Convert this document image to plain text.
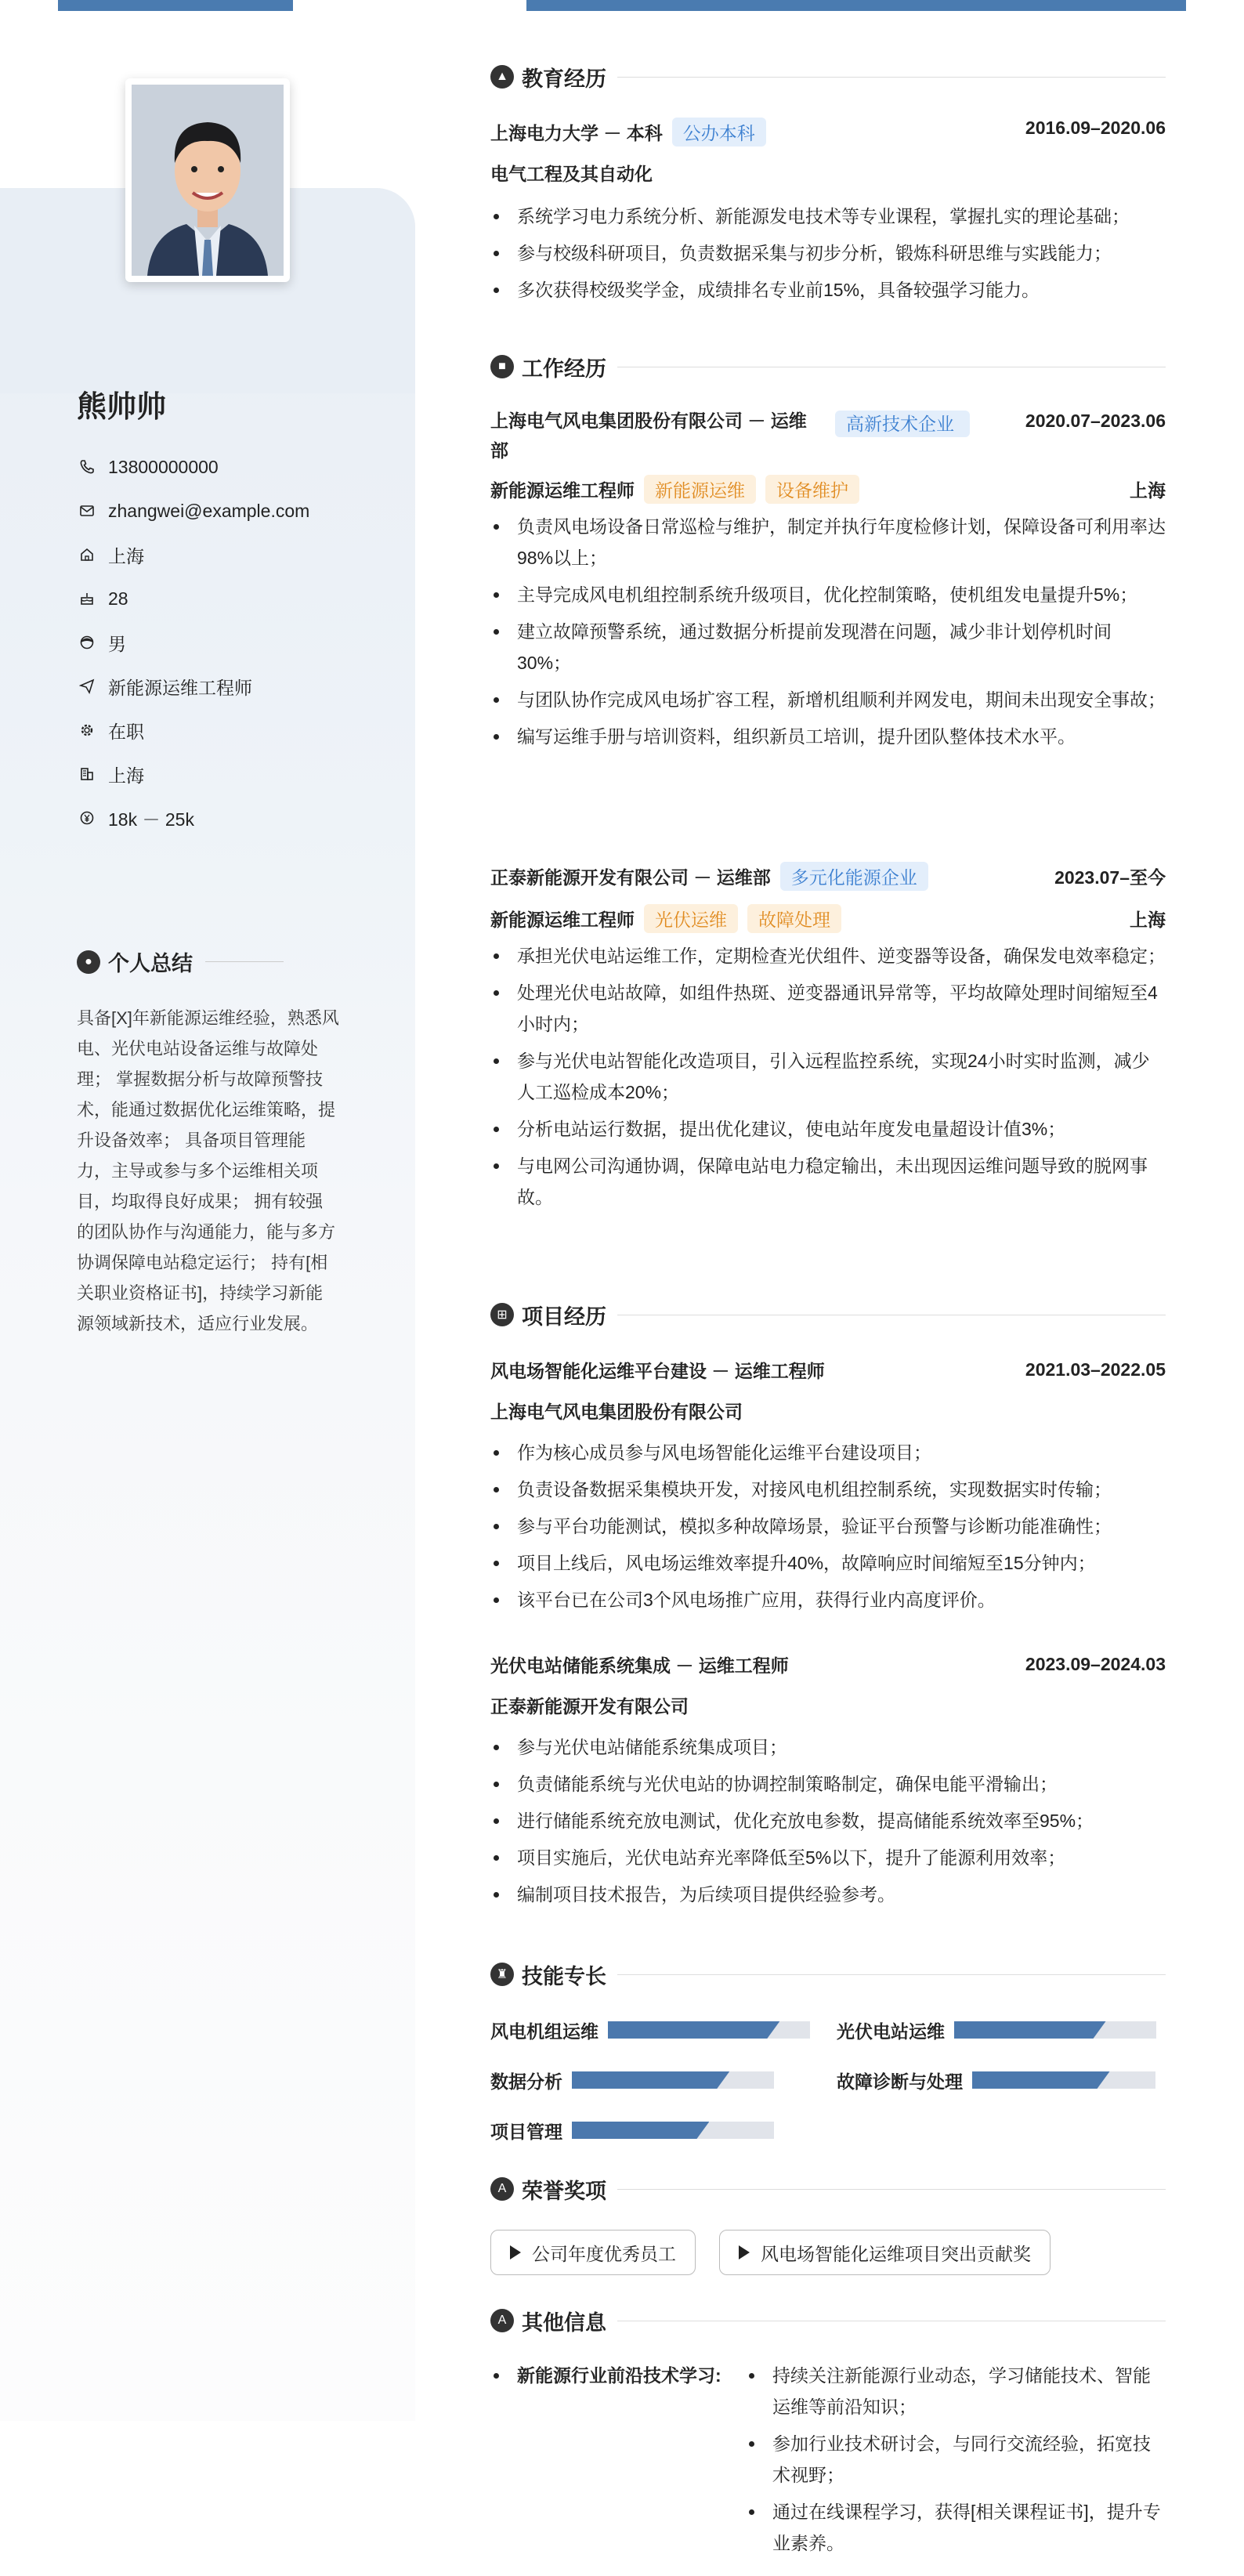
熊帅帅
13800000000
zhangwei@example.com
上海
28
男
新能源运维工程师
在职
上海
18k － 25k
● 个人总结
具备[X]年新能源运维经验，熟悉风电、光伏电站设备运维与故障处理； 掌握数据分析与故障预警技术，能通过数据优化运维策略，提升设备效率； 具备项目管理能力，主导或参与多个运维相关项目，均取得良好成果； 拥有较强的团队协作与沟通能力，能与多方协调保障电站稳定运行； 持有[相关职业资格证书]，持续学习新能源领域新技术，适应行业发展。
▲ 教育经历
上海电力大学 － 本科 公办本科	2016.09–2020.06
电气工程及其自动化
系统学习电力系统分析、新能源发电技术等专业课程，掌握扎实的理论基础；
参与校级科研项目，负责数据采集与初步分析，锻炼科研思维与实践能力；
多次获得校级奖学金，成绩排名专业前15%，具备较强学习能力。
■ 工作经历
上海电气风电集团股份有限公司 － 运维部
高新技术企业	2020.07–2023.06
新能源运维工程师 新能源运维 设备维护	上海
负责风电场设备日常巡检与维护，制定并执行年度检修计划，保障设备可利用率达98%以上；
主导完成风电机组控制系统升级项目，优化控制策略，使机组发电量提升5%；
建立故障预警系统，通过数据分析提前发现潜在问题，减少非计划停机时间30%；
与团队协作完成风电场扩容工程，新增机组顺利并网发电，期间未出现安全事故；
编写运维手册与培训资料，组织新员工培训，提升团队整体技术水平。
正泰新能源开发有限公司 － 运维部 多元化能源企业	2023.07–至今
新能源运维工程师 光伏运维 故障处理	上海
承担光伏电站运维工作，定期检查光伏组件、逆变器等设备，确保发电效率稳定；
处理光伏电站故障，如组件热斑、逆变器通讯异常等，平均故障处理时间缩短至4小时内；
参与光伏电站智能化改造项目，引入远程监控系统，实现24小时实时监测，减少人工巡检成本20%；
分析电站运行数据，提出优化建议，使电站年度发电量超设计值3%；
与电网公司沟通协调，保障电站电力稳定输出，未出现因运维问题导致的脱网事故。
⊞ 项目经历
风电场智能化运维平台建设 － 运维工程师	2021.03–2022.05
上海电气风电集团股份有限公司
作为核心成员参与风电场智能化运维平台建设项目；
负责设备数据采集模块开发，对接风电机组控制系统，实现数据实时传输；
参与平台功能测试，模拟多种故障场景，验证平台预警与诊断功能准确性；
项目上线后，风电场运维效率提升40%，故障响应时间缩短至15分钟内；
该平台已在公司3个风电场推广应用，获得行业内高度评价。
光伏电站储能系统集成 － 运维工程师	2023.09–2024.03
正泰新能源开发有限公司
参与光伏电站储能系统集成项目；
负责储能系统与光伏电站的协调控制策略制定，确保电能平滑输出；
进行储能系统充放电测试，优化充放电参数，提高储能系统效率至95%；
项目实施后，光伏电站弃光率降低至5%以下，提升了能源利用效率；
编制项目技术报告，为后续项目提供经验参考。
♜ 技能专长
风电机组运维	光伏电站运维
数据分析	故障诊断与处理
项目管理
A 荣誉奖项
公司年度优秀员工	风电场智能化运维项目突出贡献奖
A 其他信息
新能源行业前沿技术学习:	持续关注新能源行业动态，学习储能技术、智能运维等前沿知识；
参加行业技术研讨会，与同行交流经验，拓宽技术视野；
通过在线课程学习，获得[相关课程证书]，提升专业素养。
